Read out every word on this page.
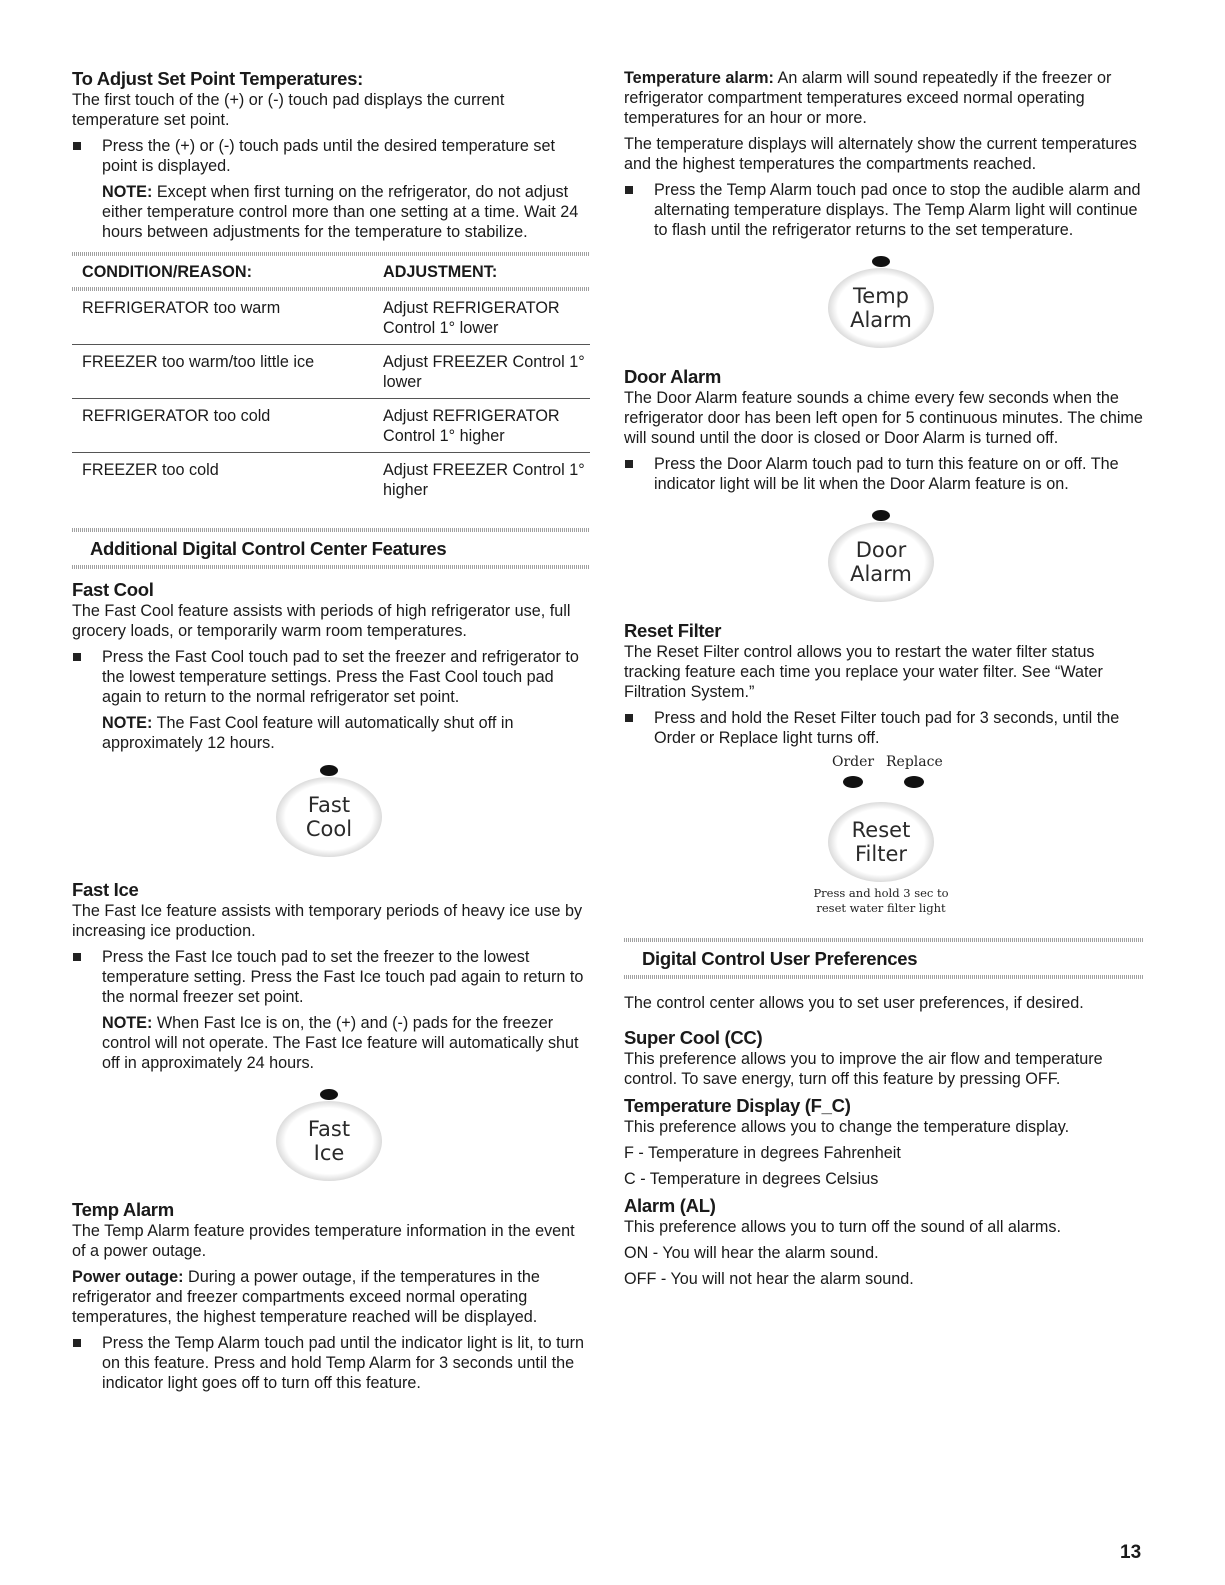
To Adjust Set Point Temperatures:

The first touch of the (+) or (-) touch pad displays the current temperature set point.

Press the (+) or (-) touch pads until the desired temperature set point is displayed.
NOTE: Except when first turning on the refrigerator, do not adjust either temperature control more than one setting at a time. Wait 24 hours between adjustments for the temperature to stabilize.
CONDITION/REASON:	ADJUSTMENT:
REFRIGERATOR too warm	Adjust REFRIGERATOR Control 1° lower
FREEZER too warm/too little ice	Adjust FREEZER Control 1° lower
REFRIGERATOR too cold	Adjust REFRIGERATOR Control 1° higher
FREEZER too cold	Adjust FREEZER Control 1° higher
Additional Digital Control Center Features
Fast Cool

The Fast Cool feature assists with periods of high refrigerator use, full grocery loads, or temporarily warm room temperatures.

Press the Fast Cool touch pad to set the freezer and refrigerator to the lowest temperature settings. Press the Fast Cool touch pad again to return to the normal refrigerator set point.
NOTE: The Fast Cool feature will automatically shut off in approximately 12 hours.
Fast
Cool
Fast Ice

The Fast Ice feature assists with temporary periods of heavy ice use by increasing ice production.

Press the Fast Ice touch pad to set the freezer to the lowest temperature setting. Press the Fast Ice touch pad again to return to the normal freezer set point.
NOTE: When Fast Ice is on, the (+) and (-) pads for the freezer control will not operate. The Fast Ice feature will automatically shut off in approximately 24 hours.
Fast
Ice
Temp Alarm

The Temp Alarm feature provides temperature information in the event of a power outage.

Power outage: During a power outage, if the temperatures in the refrigerator and freezer compartments exceed normal operating temperatures, the highest temperature reached will be displayed.

Press the Temp Alarm touch pad until the indicator light is lit, to turn on this feature. Press and hold Temp Alarm for 3 seconds until the indicator light goes off to turn off this feature.

Temperature alarm: An alarm will sound repeatedly if the freezer or refrigerator compartment temperatures exceed normal operating temperatures for an hour or more.

The temperature displays will alternately show the current temperatures and the highest temperatures the compartments reached.

Press the Temp Alarm touch pad once to stop the audible alarm and alternating temperature displays. The Temp Alarm light will continue to flash until the refrigerator returns to the set temperature.
Temp
Alarm
Door Alarm

The Door Alarm feature sounds a chime every few seconds when the refrigerator door has been left open for 5 continuous minutes. The chime will sound until the door is closed or Door Alarm is turned off.

Press the Door Alarm touch pad to turn this feature on or off. The indicator light will be lit when the Door Alarm feature is on.
Door
Alarm
Reset Filter

The Reset Filter control allows you to restart the water filter status tracking feature each time you replace your water filter. See “Water Filtration System.”

Press and hold the Reset Filter touch pad for 3 seconds, until the Order or Replace light turns off.
Order Replace
Reset
Filter
Press and hold 3 sec to
reset water filter light
Digital Control User Preferences

The control center allows you to set user preferences, if desired.

Super Cool (CC)

This preference allows you to improve the air flow and temperature control. To save energy, turn off this feature by pressing OFF.

Temperature Display (F_C)

This preference allows you to change the temperature display.

F - Temperature in degrees Fahrenheit

C - Temperature in degrees Celsius

Alarm (AL)

This preference allows you to turn off the sound of all alarms.

ON - You will hear the alarm sound.

OFF - You will not hear the alarm sound.

13
